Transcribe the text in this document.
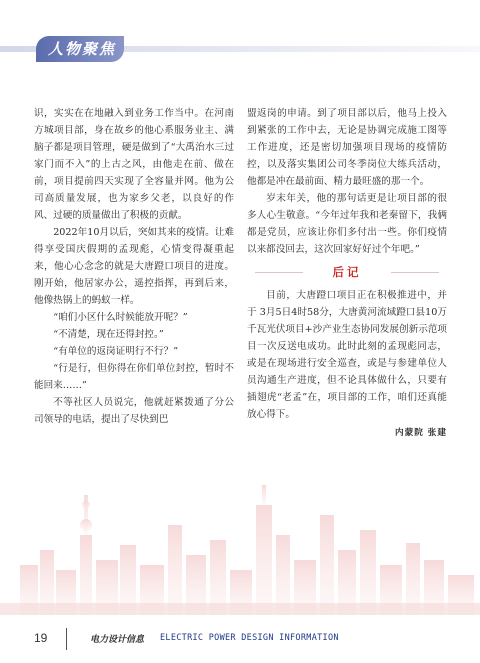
人物聚焦

识，实实在在地融入到业务工作当中。在河南方城项目部，身在故乡的他心系服务业主、满脑子都是项目管理，硬是做到了“大禹治水三过家门而不入”的上古之风，由他走在前、做在前，项目提前四天实现了全容量并网。他为公司高质量发展，也为家乡父老，以良好的作风、过硬的质量做出了积极的贡献。

2022年10月以后，突如其来的疫情。让难得享受国庆假期的孟现彪，心情变得凝重起来，他心心念念的就是大唐蹬口项目的进度。刚开始，他居家办公，遥控指挥，再到后来，他像热锅上的蚂蚁一样。

“咱们小区什么时候能放开呢？”

“不清楚，现在还得封控。”

“有单位的返岗证明行不行？”

“行是行，但你得在你们单位封控，暂时不能回来……”

不等社区人员说完，他就赶紧拨通了分公司领导的电话，提出了尽快到巴

盟返岗的申请。到了项目部以后，他马上投入到紧张的工作中去，无论是协调完成施工图等工作进度，还是密切加强项目现场的疫情防控，以及落实集团公司冬季岗位大练兵活动，他都是冲在最前面、精力最旺盛的那一个。

岁末年关，他的那句话更是让项目部的很多人心生敬意。“今年过年我和老秦留下，我俩都是党员，应该让你们多付出一些。你们疫情以来都没回去，这次回家好好过个年吧。”

后记

目前，大唐蹬口项目正在积极推进中，并于 3月5日4时58分，大唐黄河流域蹬口县10万千瓦光伏项目+沙产业生态协同发展创新示范项目一次反送电成功。此时此刻的孟现彪同志，或是在现场进行安全巡查，或是与参建单位人员沟通生产进度，但不论具体做什么，只要有插翅虎“老孟”在，项目部的工作，咱们还真能放心得下。

内蒙院 张建
19	电力设计信息 ELECTRIC POWER DESIGN INFORMATION
